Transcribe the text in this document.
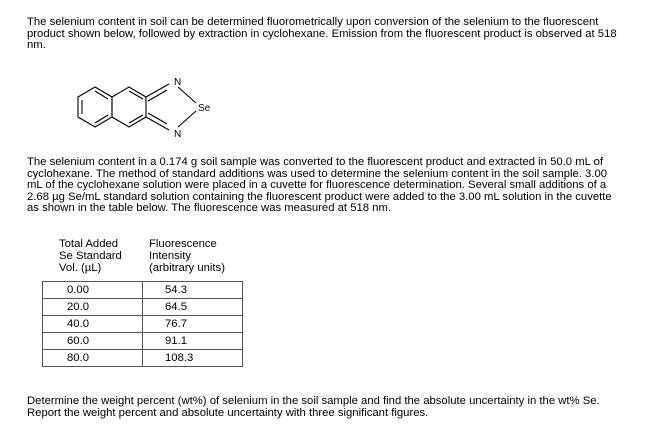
The selenium content in soil can be determined fluorometrically upon conversion of the selenium to the fluorescent product shown below, followed by extraction in cyclohexane. Emission from the fluorescent product is observed at 518 nm.
N
Se
N
The selenium content in a 0.174 g soil sample was converted to the fluorescent product and extracted in 50.0 mL of cyclohexane. The method of standard additions was used to determine the selenium content in the soil sample. 3.00 mL of the cyclohexane solution were placed in a cuvette for fluorescence determination. Several small additions of a 2.68 µg Se/mL standard solution containing the fluorescent product were added to the 3.00 mL solution in the cuvette as shown in the table below. The fluorescence was measured at 518 nm.
Total Added
Se Standard
Vol. (µL)
Fluorescence
Intensity
(arbitrary units)
0.00	54.3
20.0	64.5
40.0	76.7
60.0	91.1
80.0	108.3
Determine the weight percent (wt%) of selenium in the soil sample and find the absolute uncertainty in the wt% Se. Report the weight percent and absolute uncertainty with three significant figures.
